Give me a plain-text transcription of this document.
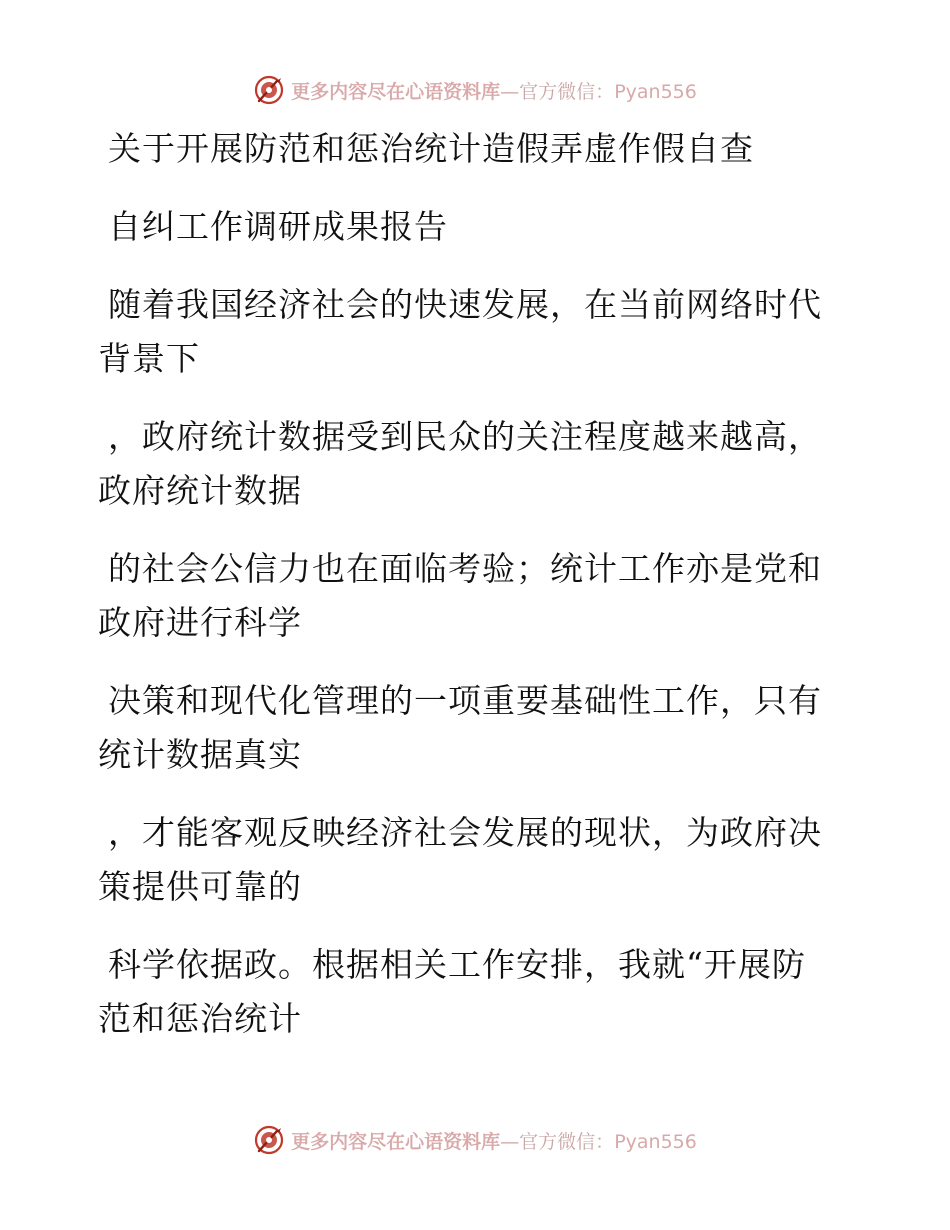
更多内容尽在心语资料库—官方微信：Pyan556
关于开展防范和惩治统计造假弄虚作假自查
自纠工作调研成果报告
随着我国经济社会的快速发展，在当前网络时代
背景下
，政府统计数据受到民众的关注程度越来越高，
政府统计数据
的社会公信力也在面临考验；统计工作亦是党和
政府进行科学
决策和现代化管理的一项重要基础性工作，只有
统计数据真实
，才能客观反映经济社会发展的现状，为政府决
策提供可靠的
科学依据政。根据相关工作安排，我就“开展防
范和惩治统计
更多内容尽在心语资料库—官方微信：Pyan556
